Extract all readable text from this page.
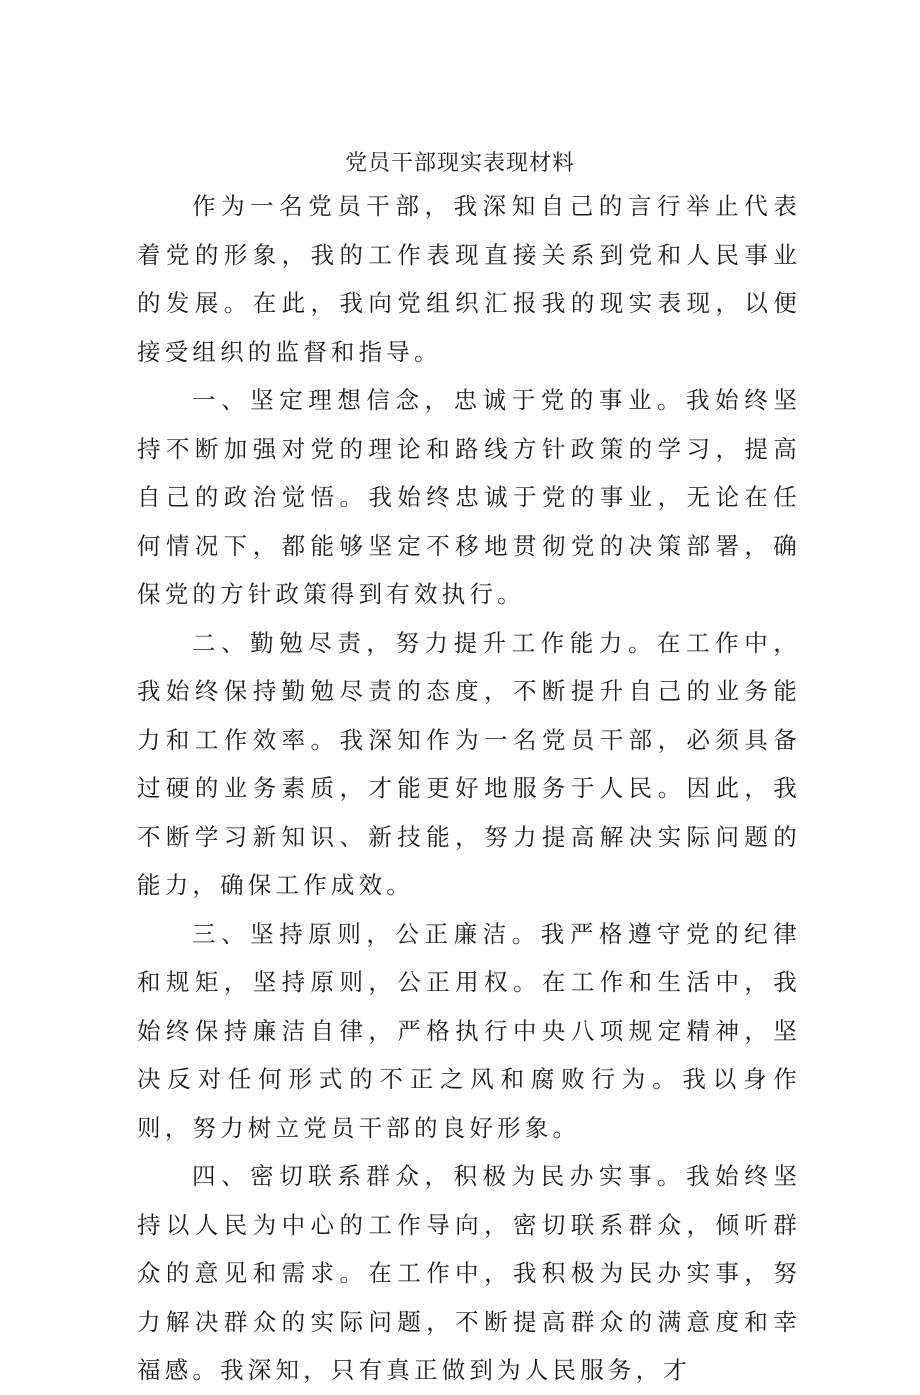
党员干部现实表现材料

作为一名党员干部，我深知自己的言行举止代表着党的形象，我的工作表现直接关系到党和人民事业的发展。在此，我向党组织汇报我的现实表现，以便接受组织的监督和指导。

一、坚定理想信念，忠诚于党的事业。我始终坚持不断加强对党的理论和路线方针政策的学习，提高自己的政治觉悟。我始终忠诚于党的事业，无论在任何情况下，都能够坚定不移地贯彻党的决策部署，确保党的方针政策得到有效执行。

二、勤勉尽责，努力提升工作能力。在工作中，我始终保持勤勉尽责的态度，不断提升自己的业务能力和工作效率。我深知作为一名党员干部，必须具备过硬的业务素质，才能更好地服务于人民。因此，我不断学习新知识、新技能，努力提高解决实际问题的能力，确保工作成效。

三、坚持原则，公正廉洁。我严格遵守党的纪律和规矩，坚持原则，公正用权。在工作和生活中，我始终保持廉洁自律，严格执行中央八项规定精神，坚决反对任何形式的不正之风和腐败行为。我以身作则，努力树立党员干部的良好形象。

四、密切联系群众，积极为民办实事。我始终坚持以人民为中心的工作导向，密切联系群众，倾听群众的意见和需求。在工作中，我积极为民办实事，努力解决群众的实际问题，不断提高群众的满意度和幸福感。我深知，只有真正做到为人民服务，才
